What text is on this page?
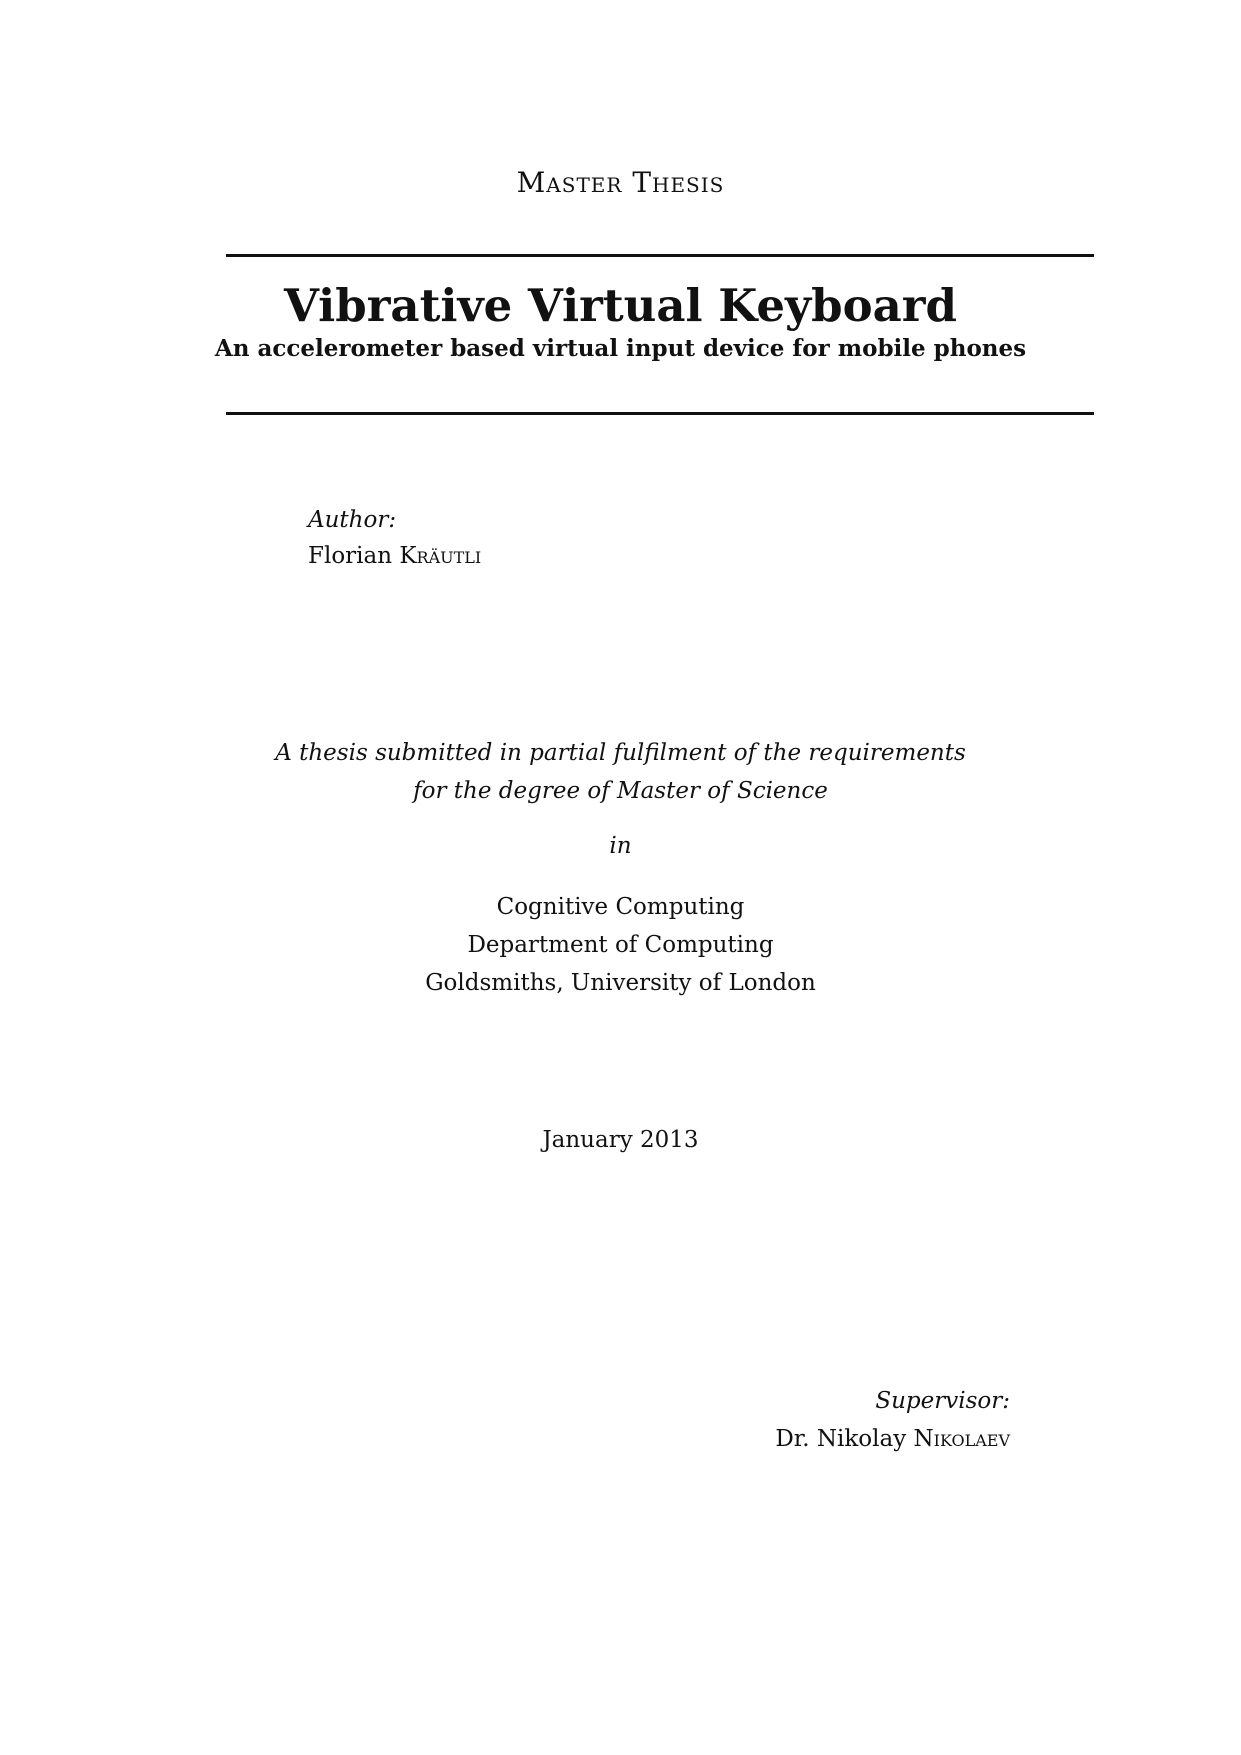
Master Thesis
Vibrative Virtual Keyboard
An accelerometer based virtual input device for mobile phones
Author:
Florian Kräutli
A thesis submitted in partial fulfilment of the requirements
for the degree of Master of Science
in
Cognitive Computing
Department of Computing
Goldsmiths, University of London
January 2013
Supervisor:
Dr. Nikolay Nikolaev
